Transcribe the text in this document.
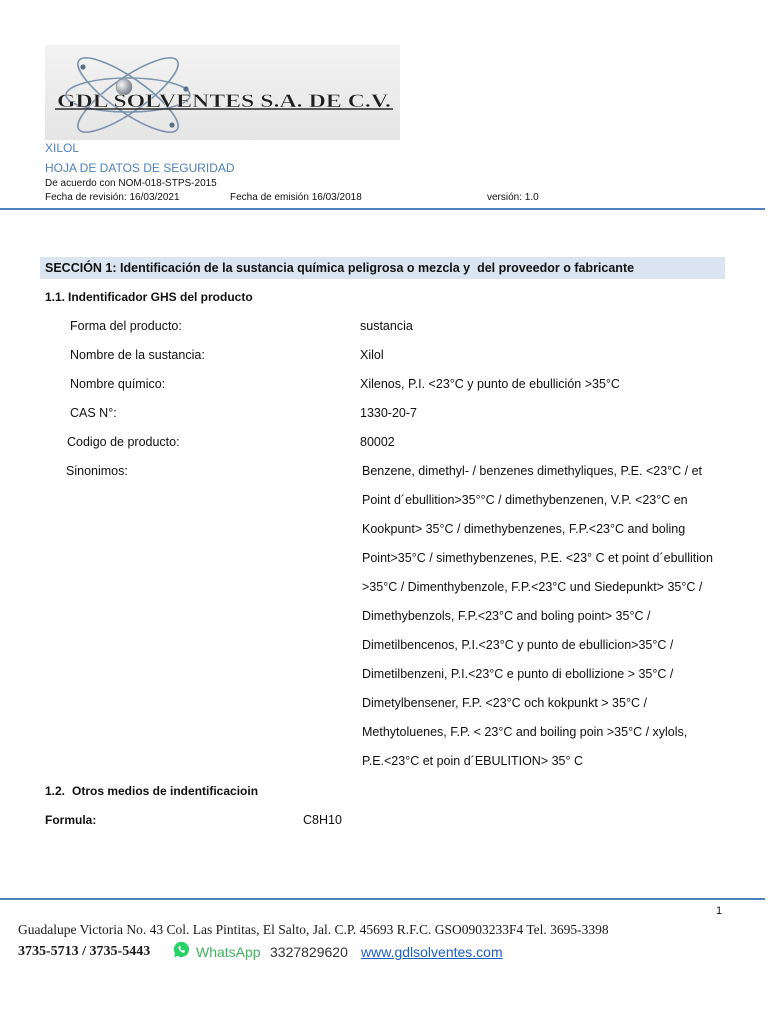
GDL SOLVENTES S.A. DE C.V.
XILOL
HOJA DE DATOS DE SEGURIDAD
De acuerdo con NOM-018-STPS-2015
Fecha de revisión: 16/03/2021	Fecha de emisión 16/03/2018	versión: 1.0
SECCIÓN 1: Identificación de la sustancia química peligrosa o mezcla y  del proveedor o fabricante
1.1. Indentificador GHS del producto
Forma del producto:	sustancia
Nombre de la sustancia:	Xilol
Nombre químico:	Xilenos, P.I. <23°C y punto de ebullición >35°C
CAS N°:	1330-20-7
Codigo de producto:	80002
Sinonimos:	Benzene, dimethyl- / benzenes dimethyliques, P.E. <23°C / et
Point d´ebullition>35°°C / dimethybenzenen, V.P. <23°C en
Kookpunt> 35°C / dimethybenzenes, F.P.<23°C and boling
Point>35°C / simethybenzenes, P.E. <23° C et point d´ebullition
>35°C / Dimenthybenzole, F.P.<23°C und Siedepunkt> 35°C /
Dimethybenzols, F.P.<23°C and boling point> 35°C /
Dimetilbencenos, P.I.<23°C y punto de ebullicion>35°C /
Dimetilbenzeni, P.I.<23°C e punto di ebollizione > 35°C /
Dimetylbensener, F.P. <23°C och kokpunkt > 35°C /
Methytoluenes, F.P. < 23°C and boiling poin >35°C / xylols,
P.E.<23°C et poin d´EBULITION> 35° C
1.2. Otros medios de indentificacioin
Formula:	C8H10
1
Guadalupe Victoria No. 43 Col. Las Pintitas, El Salto, Jal. C.P. 45693 R.F.C. GSO0903233F4 Tel. 3695-3398
3735-5713 / 3735-5443	WhatsApp 3327829620 www.gdlsolventes.com
